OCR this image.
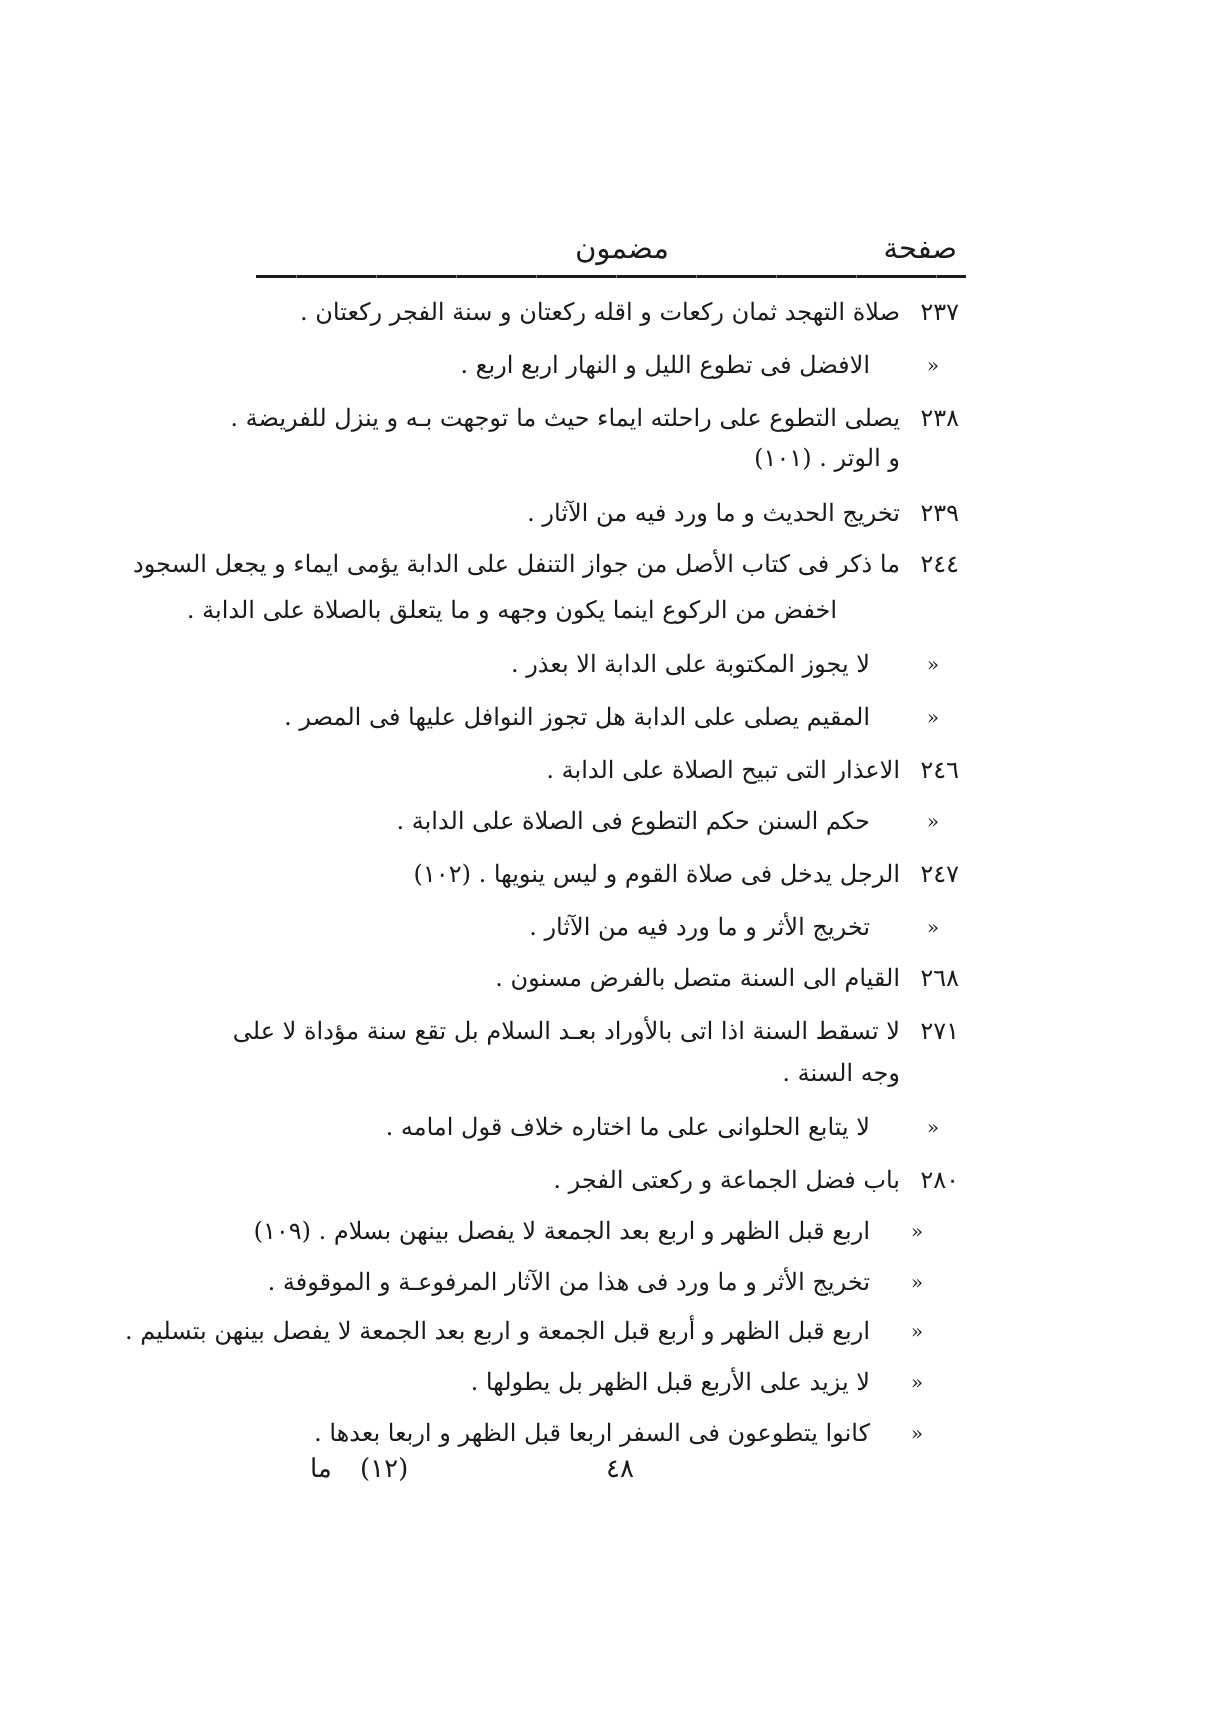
صفحة
مضمون
٢٣٧
صلاة التهجد ثمان ركعات و اقله ركعتان و سنة الفجر ركعتان .
»
الافضل فی تطوع الليل و النهار اربع اربع .
٢٣٨
يصلی التطوع علی راحلته ايماء حيث ما توجهت بـه و ينزل للفريضة .
و الوتر . (١٠١)
٢٣٩
تخريج الحديث و ما ورد فيه من الآثار .
٢٤٤
ما ذكر فی كتاب الأصل من جواز التنفل علی الدابة يؤمی ايماء و يجعل السجود
اخفض من الركوع اينما يكون وجهه و ما يتعلق بالصلاة علی الدابة .
»
لا يجوز المكتوبة علی الدابة الا بعذر .
»
المقيم يصلی علی الدابة هل تجوز النوافل عليها فی المصر .
٢٤٦
الاعذار التی تبيح الصلاة علی الدابة .
»
حكم السنن حكم التطوع فی الصلاة علی الدابة .
٢٤٧
الرجل يدخل فی صلاة القوم و ليس ينويها . (١٠٢)
»
تخريج الأثر و ما ورد فيه من الآثار .
٢٦٨
القيام الی السنة متصل بالفرض مسنون .
٢٧١
لا تسقط السنة اذا اتی بالأوراد بعـد السلام بل تقع سنة مؤداة لا علی
وجه السنة .
»
لا يتابع الحلوانی علی ما اختاره خلاف قول امامه .
٢٨٠
باب فضل الجماعة و ركعتی الفجر .
»
اربع قبل الظهر و اربع بعد الجمعة لا يفصل بينهن بسلام . (١٠٩)
»
تخريج الأثر و ما ورد فی هذا من الآثار المرفوعـة و الموقوفة .
»
اربع قبل الظهر و أربع قبل الجمعة و اربع بعد الجمعة لا يفصل بينهن بتسليم .
»
لا يزيد علی الأربع قبل الظهر بل يطولها .
»
كانوا يتطوعون فی السفر اربعا قبل الظهر و اربعا بعدها .
٤٨
(١٢)
ما
